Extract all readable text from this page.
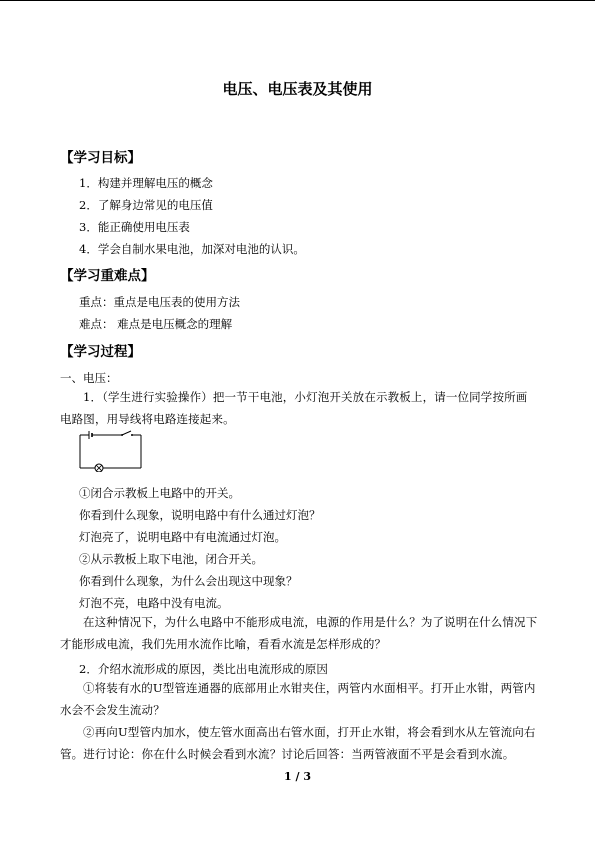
电压、电压表及其使用
【学习目标】
1．构建并理解电压的概念
2．了解身边常见的电压值
3．能正确使用电压表
4．学会自制水果电池，加深对电池的认识。
【学习重难点】
重点：重点是电压表的使用方法
难点： 难点是电压概念的理解
【学习过程】
一、电压：
1．（学生进行实验操作）把一节干电池，小灯泡开关放在示教板上，请一位同学按所画电路图，用导线将电路连接起来。
①闭合示教板上电路中的开关。
你看到什么现象，说明电路中有什么通过灯泡？
灯泡亮了，说明电路中有电流通过灯泡。
②从示教板上取下电池，闭合开关。
你看到什么现象，为什么会出现这中现象？
灯泡不亮，电路中没有电流。
在这种情况下，为什么电路中不能形成电流，电源的作用是什么？为了说明在什么情况下才能形成电流，我们先用水流作比喻，看看水流是怎样形成的？
2．介绍水流形成的原因，类比出电流形成的原因
①将装有水的U型管连通器的底部用止水钳夹住，两管内水面相平。打开止水钳，两管内水会不会发生流动？
②再向U型管内加水，使左管水面高出右管水面，打开止水钳，将会看到水从左管流向右管。进行讨论：你在什么时候会看到水流？讨论后回答：当两管液面不平是会看到水流。
1 / 3
